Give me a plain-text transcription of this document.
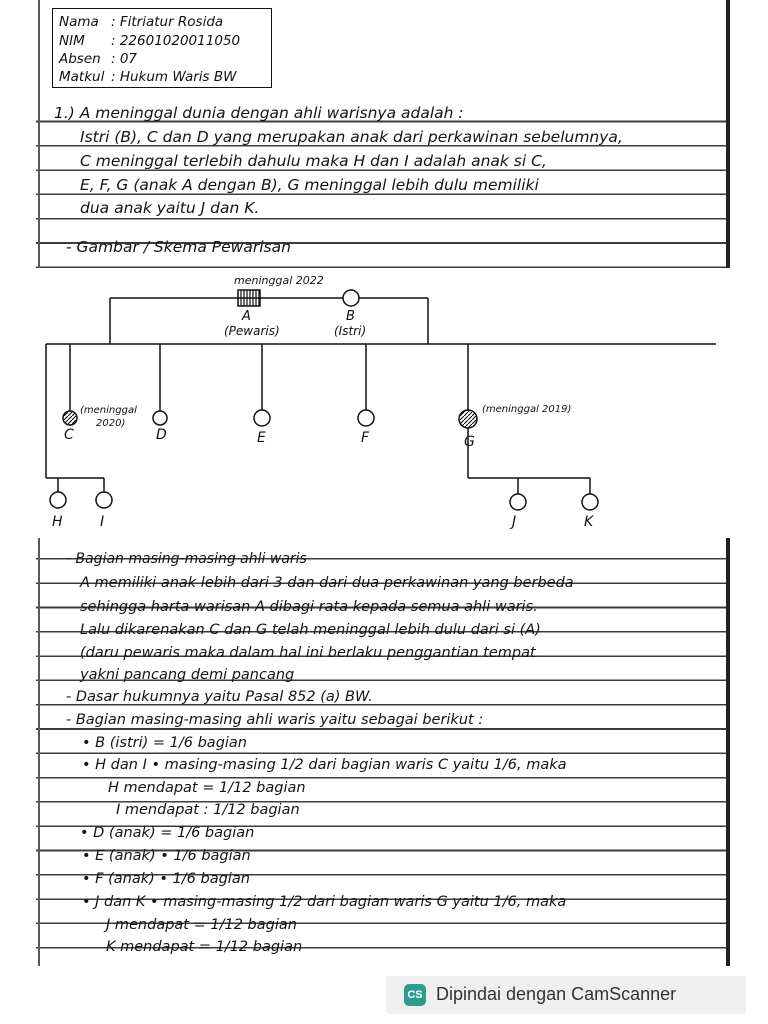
Nama : Fitriatur Rosida
NIM : 22601020011050
Absen : 07
Matkul : Hukum Waris BW
1.) A meninggal dunia dengan ahli warisnya adalah :
Istri (B), C dan D yang merupakan anak dari perkawinan sebelumnya,
C meninggal terlebih dahulu maka H dan I adalah anak si C,
E, F, G (anak A dengan B), G meninggal lebih dulu memiliki
dua anak yaitu J dan K.
- Gambar / Skema Pewarisan
meninggal 2022
A
(Pewaris)
B
(Istri)
(meninggal
2020)
C	D	E	F
(meninggal 2019)
G
H	I	J	K
- Bagian masing-masing ahli waris
A memiliki anak lebih dari 3 dan dari dua perkawinan yang berbeda
sehingga harta warisan A dibagi rata kepada semua ahli waris.
Lalu dikarenakan C dan G telah meninggal lebih dulu dari si (A)
(daru pewaris maka dalam hal ini berlaku penggantian tempat
yakni pancang demi pancang
- Dasar hukumnya yaitu Pasal 852 (a) BW.
- Bagian masing-masing ahli waris yaitu sebagai berikut :
• B (istri) = 1/6 bagian
• H dan I • masing-masing 1/2 dari bagian waris C yaitu 1/6, maka
H mendapat = 1/12 bagian
I mendapat : 1/12 bagian
• D (anak) = 1/6 bagian
• E (anak) • 1/6 bagian
• F (anak) • 1/6 bagian
• J dan K • masing-masing 1/2 dari bagian waris G yaitu 1/6, maka
J mendapat = 1/12 bagian
K mendapat = 1/12 bagian
CS Dipindai dengan CamScanner
